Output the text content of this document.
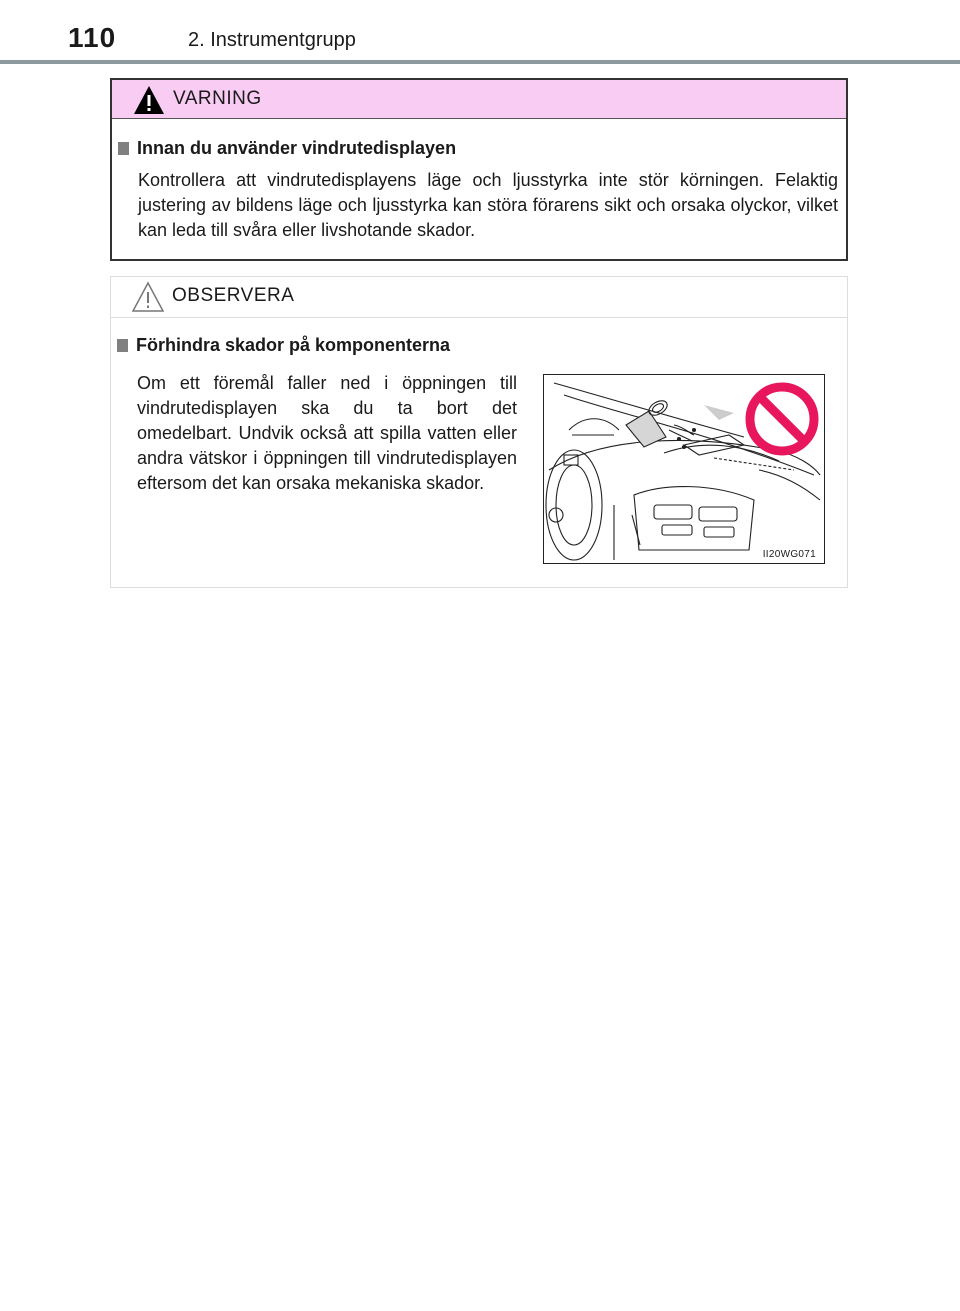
110	2. Instrumentgrupp
VARNING
Innan du använder vindrutedisplayen
Kontrollera att vindrutedisplayens läge och ljusstyrka inte stör körningen. Felaktig justering av bildens läge och ljusstyrka kan störa förarens sikt och orsaka olyckor, vilket kan leda till svåra eller livshotande skador.
OBSERVERA
Förhindra skador på komponenterna
Om ett föremål faller ned i öppningen till vindrutedisplayen ska du ta bort det omedelbart. Undvik också att spilla vatten eller andra vätskor i öppningen till vindrutedisplayen eftersom det kan orsaka mekaniska skador.
II20WG071
